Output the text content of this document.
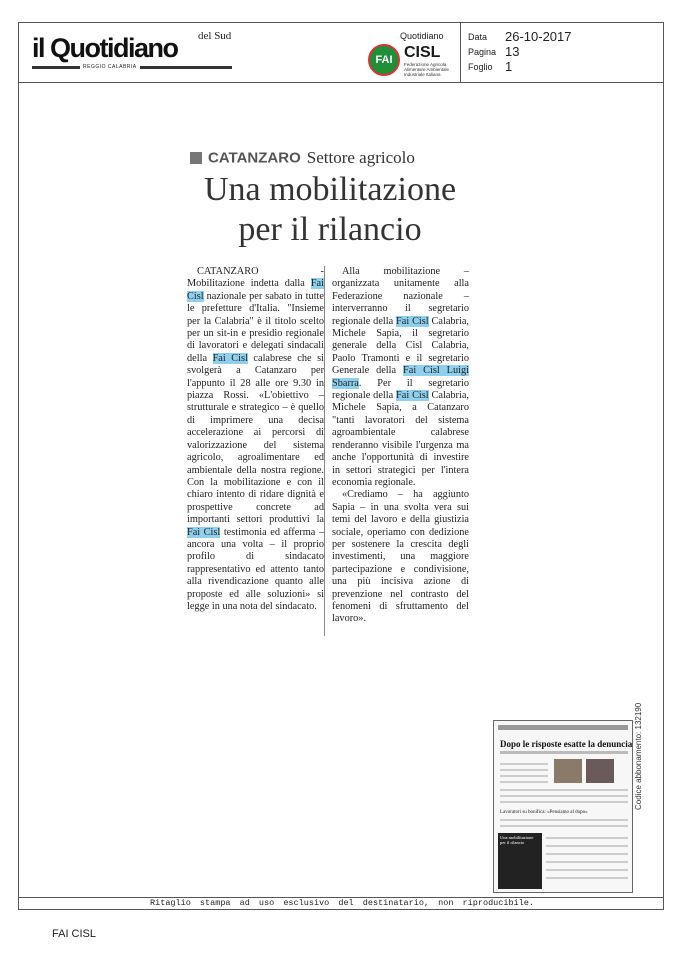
il Quotidiano del Sud
REGGIO CALABRIA
Quotidiano
FAI CISL
Federazione Agricola Alimentare Ambientale Industriale Italiana
Data 26-10-2017
Pagina 13
Foglio 1
CATANZARO Settore agricolo
Una mobilitazione
per il rilancio

CATANZARO - Mobilitazione indetta dalla Fai Cisl nazionale per sabato in tutte le prefetture d'Italia. "Insieme per la Calabria" è il titolo scelto per un sit-in e presidio regionale di lavoratori e delegati sindacali della Fai Cisl calabrese che si svolgerà a Catanzaro per l'appunto il 28 alle ore 9.30 in piazza Rossi. «L'obiettivo – strutturale e strategico – è quello di imprimere una decisa accelerazione ai percorsi di valorizzazione del sistema agricolo, agroalimentare ed ambientale della nostra regione. Con la mobilitazione e con il chiaro intento di ridare dignità e prospettive concrete ad importanti settori produttivi la Fai Cisl testimonia ed afferma – ancora una volta – il proprio profilo di sindacato rappresentativo ed attento tanto alla rivendicazione quanto alle proposte ed alle soluzioni» si legge in una nota del sindacato.

Alla mobilitazione – organizzata unitamente alla Federazione nazionale – interverranno il segretario regionale della Fai Cisl Calabria, Michele Sapia, il segretario generale della Cisl Calabria, Paolo Tramonti e il segretario Generale della Fai Cisl Luigi Sbarra. Per il segretario regionale della Fai Cisl Calabria, Michele Sapia, a Catanzaro "tanti lavoratori del sistema agroambientale calabrese renderanno visibile l'urgenza ma anche l'opportunità di investire in settori strategici per l'intera economia regionale.

«Crediamo – ha aggiunto Sapia – in una svolta vera sui temi del lavoro e della giustizia sociale, operiamo con dedizione per sostenere la crescita degli investimenti, una maggiore partecipazione e condivisione, una più incisiva azione di prevenzione nel contrasto del fenomeni di sfruttamento del lavoro».

Dopo le risposte esatte la denuncia
Lavoratori su bonifica: «Pensiamo al dopo»
Una mobilitazione per il rilancio
Codice abbonamento: 132190
Ritaglio stampa ad uso esclusivo del destinatario, non riproducibile.
FAI CISL
